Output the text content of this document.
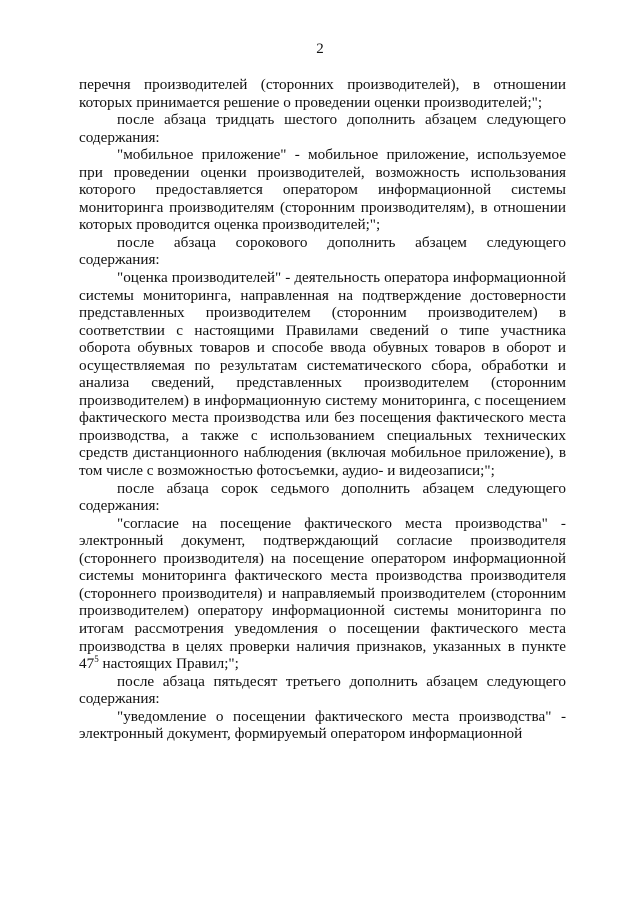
2

перечня производителей (сторонних производителей), в отношении которых принимается решение о проведении оценки производителей;";

после абзаца тридцать шестого дополнить абзацем следующего содержания:

"мобильное приложение" - мобильное приложение, используемое при проведении оценки производителей, возможность использования которого предоставляется оператором информационной системы мониторинга производителям (сторонним производителям), в отношении которых проводится оценка производителей;";

после абзаца сорокового дополнить абзацем следующего содержания:

"оценка производителей" - деятельность оператора информационной системы мониторинга, направленная на подтверждение достоверности представленных производителем (сторонним производителем) в соответствии с настоящими Правилами сведений о типе участника оборота обувных товаров и способе ввода обувных товаров в оборот и осуществляемая по результатам систематического сбора, обработки и анализа сведений, представленных производителем (сторонним производителем) в информационную систему мониторинга, с посещением фактического места производства или без посещения фактического места производства, а также с использованием специальных технических средств дистанционного наблюдения (включая мобильное приложение), в том числе с возможностью фотосъемки, аудио- и видеозаписи;";

после абзаца сорок седьмого дополнить абзацем следующего содержания:

"согласие на посещение фактического места производства" - электронный документ, подтверждающий согласие производителя (стороннего производителя) на посещение оператором информационной системы мониторинга фактического места производства производителя (стороннего производителя) и направляемый производителем (сторонним производителем) оператору информационной системы мониторинга по итогам рассмотрения уведомления о посещении фактического места производства в целях проверки наличия признаков, указанных в пункте $47^5$ настоящих Правил;";

после абзаца пятьдесят третьего дополнить абзацем следующего содержания:

"уведомление о посещении фактического места производства" - электронный документ, формируемый оператором информационной
